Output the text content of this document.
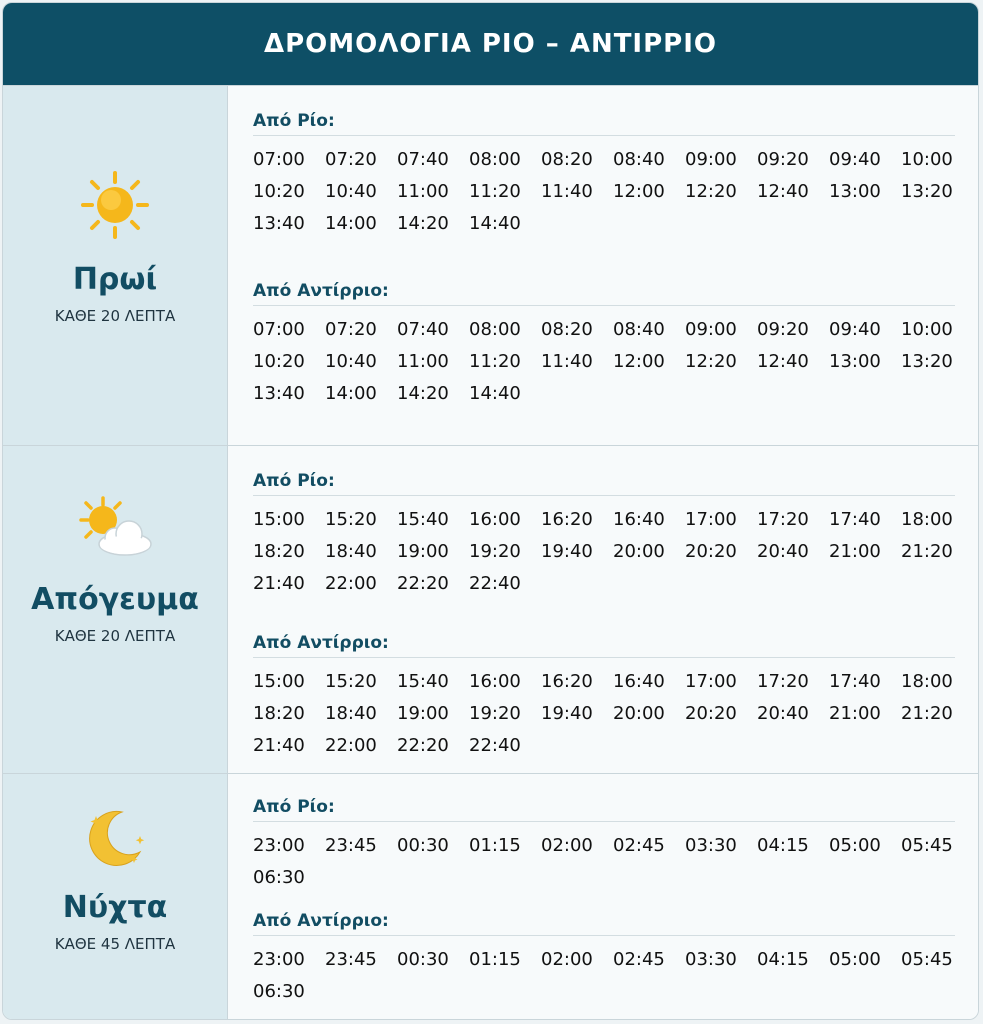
ΔΡΟΜΟΛΟΓΙΑ ΡΙΟ – ΑΝΤΙΡΡΙΟ
Πρωί
ΚΑΘΕ 20 ΛΕΠΤΑ
Από Ρίο:
07:00	07:20	07:40	08:00	08:20	08:40	09:00	09:20	09:40	10:00
10:20	10:40	11:00	11:20	11:40	12:00	12:20	12:40	13:00	13:20
13:40	14:00	14:20	14:40
Από Αντίρριο:
07:00	07:20	07:40	08:00	08:20	08:40	09:00	09:20	09:40	10:00
10:20	10:40	11:00	11:20	11:40	12:00	12:20	12:40	13:00	13:20
13:40	14:00	14:20	14:40
Απόγευμα
ΚΑΘΕ 20 ΛΕΠΤΑ
Από Ρίο:
15:00	15:20	15:40	16:00	16:20	16:40	17:00	17:20	17:40	18:00
18:20	18:40	19:00	19:20	19:40	20:00	20:20	20:40	21:00	21:20
21:40	22:00	22:20	22:40
Από Αντίρριο:
15:00	15:20	15:40	16:00	16:20	16:40	17:00	17:20	17:40	18:00
18:20	18:40	19:00	19:20	19:40	20:00	20:20	20:40	21:00	21:20
21:40	22:00	22:20	22:40
Νύχτα
ΚΑΘΕ 45 ΛΕΠΤΑ
Από Ρίο:
23:00	23:45	00:30	01:15	02:00	02:45	03:30	04:15	05:00	05:45
06:30
Από Αντίρριο:
23:00	23:45	00:30	01:15	02:00	02:45	03:30	04:15	05:00	05:45
06:30
